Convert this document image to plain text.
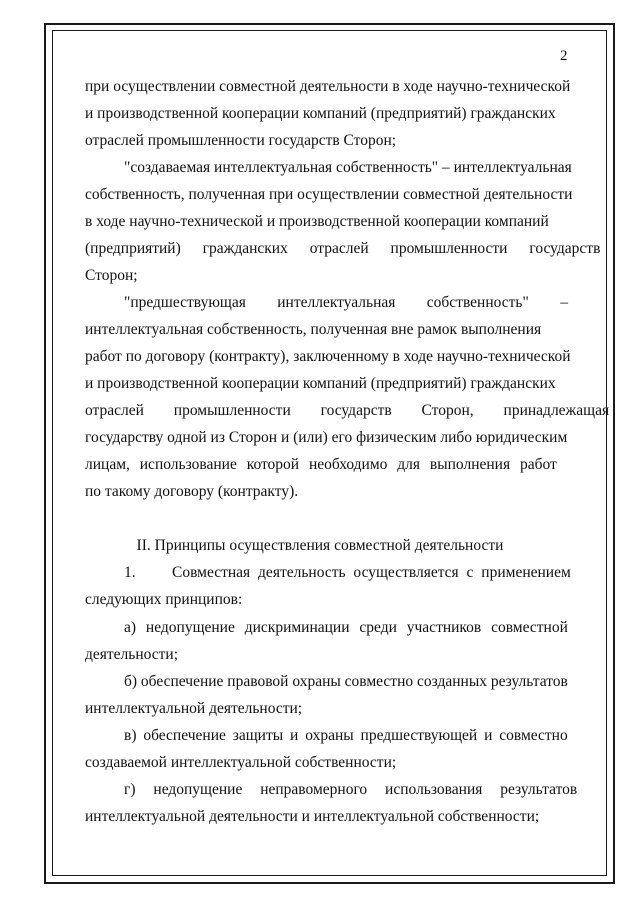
2
при осуществлении совместной деятельности в ходе научно-технической
и производственной кооперации компаний (предприятий) гражданских
отраслей промышленности государств Сторон;
"создаваемая интеллектуальная собственность" – интеллектуальная
собственность, полученная при осуществлении совместной деятельности
в ходе научно-технической и производственной кооперации компаний
(предприятий) гражданских отраслей промышленности государств
Сторон;
"предшествующая интеллектуальная собственность" –
интеллектуальная собственность, полученная вне рамок выполнения
работ по договору (контракту), заключенному в ходе научно-технической
и производственной кооперации компаний (предприятий) гражданских
отраслей промышленности государств Сторон, принадлежащая
государству одной из Сторон и (или) его физическим либо юридическим
лицам, использование которой необходимо для выполнения работ
по такому договору (контракту).
II. Принципы осуществления совместной деятельности
1. Совместная деятельность осуществляется с применением
следующих принципов:
а) недопущение дискриминации среди участников совместной
деятельности;
б) обеспечение правовой охраны совместно созданных результатов
интеллектуальной деятельности;
в) обеспечение защиты и охраны предшествующей и совместно
создаваемой интеллектуальной собственности;
г) недопущение неправомерного использования результатов
интеллектуальной деятельности и интеллектуальной собственности;
